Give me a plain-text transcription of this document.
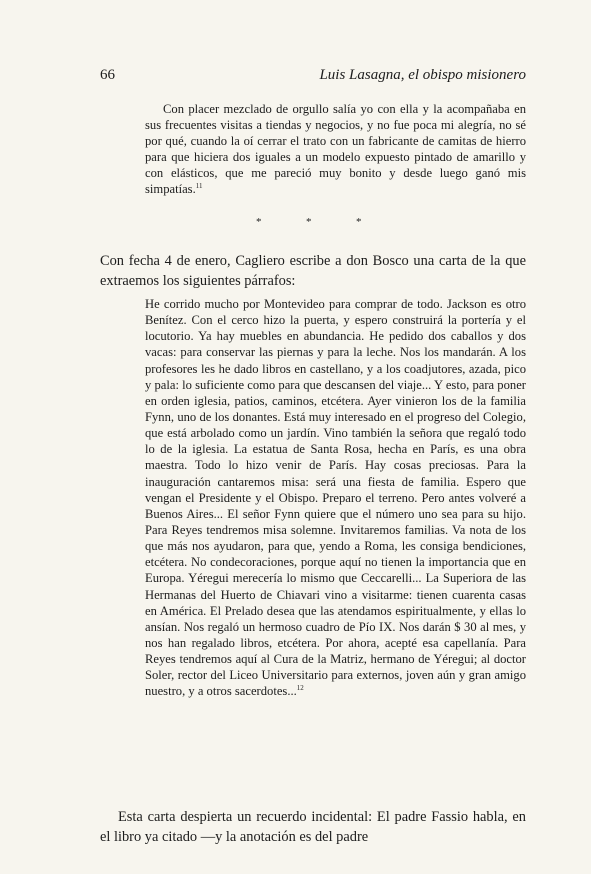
66	Luis Lasagna, el obispo misionero

Con placer mezclado de orgullo salía yo con ella y la acompañaba en sus frecuentes visitas a tiendas y negocios, y no fue poca mi alegría, no sé por qué, cuando la oí cerrar el trato con un fabricante de camitas de hierro para que hiciera dos iguales a un modelo expuesto pintado de amarillo y con elásticos, que me pareció muy bonito y desde luego ganó mis simpatías.$^{11}$

*	*	*

Con fecha 4 de enero, Cagliero escribe a don Bosco una carta de la que extraemos los siguientes párrafos:

He corrido mucho por Montevideo para comprar de todo. Jackson es otro Benítez. Con el cerco hizo la puerta, y espero construirá la portería y el locutorio. Ya hay muebles en abundancia. He pedido dos caballos y dos vacas: para conservar las piernas y para la leche. Nos los mandarán. A los profesores les he dado libros en castellano, y a los coadjutores, azada, pico y pala: lo suficiente como para que descansen del viaje... Y esto, para poner en orden iglesia, patios, caminos, etcétera. Ayer vinieron los de la familia Fynn, uno de los donantes. Está muy interesado en el progreso del Colegio, que está arbolado como un jardín. Vino también la señora que regaló todo lo de la iglesia. La estatua de Santa Rosa, hecha en París, es una obra maestra. Todo lo hizo venir de París. Hay cosas preciosas. Para la inauguración cantaremos misa: será una fiesta de familia. Espero que vengan el Presidente y el Obispo. Preparo el terreno. Pero antes volveré a Buenos Aires... El señor Fynn quiere que el número uno sea para su hijo. Para Reyes tendremos misa solemne. Invitaremos familias. Va nota de los que más nos ayudaron, para que, yendo a Roma, les consiga bendiciones, etcétera. No condecoraciones, porque aquí no tienen la importancia que en Europa. Yéregui merecería lo mismo que Ceccarelli... La Superiora de las Hermanas del Huerto de Chiavari vino a visitarme: tienen cuarenta casas en América. El Prelado desea que las atendamos espiritualmente, y ellas lo ansían. Nos regaló un hermoso cuadro de Pío IX. Nos darán $ 30 al mes, y nos han regalado libros, etcétera. Por ahora, acepté esa capellanía. Para Reyes tendremos aquí al Cura de la Matriz, hermano de Yéregui; al doctor Soler, rector del Liceo Universitario para externos, joven aún y gran amigo nuestro, y a otros sacerdotes...$^{12}$

Esta carta despierta un recuerdo incidental: El padre Fassio habla, en el libro ya citado —y la anotación es del padre
